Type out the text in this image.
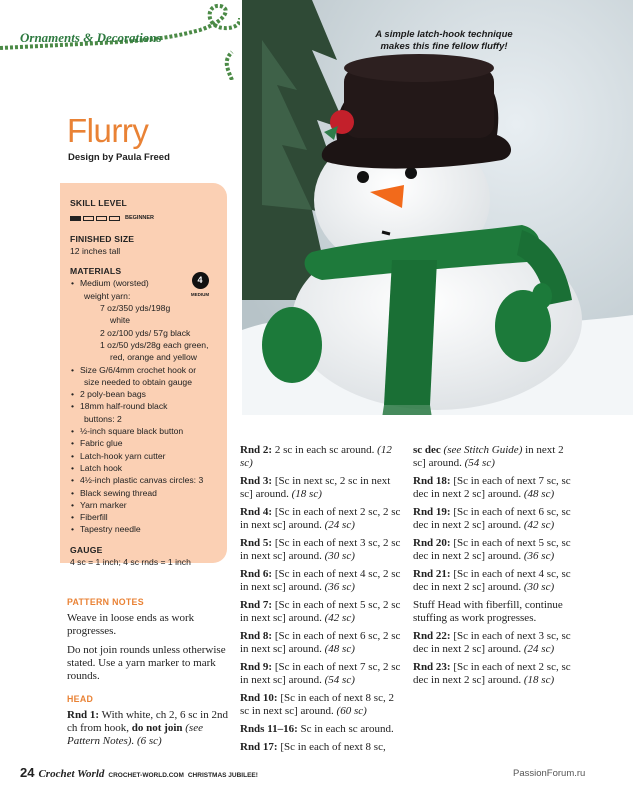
Ornaments & Decorations
Flurry
Design by Paula Freed
SKILL LEVEL
BEGINNER
FINISHED SIZE
12 inches tall
MATERIALS
• Medium (worsted)
weight yarn:
7 oz/350 yds/198g
white
2 oz/100 yds/ 57g black
1 oz/50 yds/28g each green,
red, orange and yellow
• Size G/6/4mm crochet hook or
size needed to obtain gauge
• 2 poly-bean bags
• 18mm half-round black
buttons: 2
• ½-inch square black button
• Fabric glue
• Latch-hook yarn cutter
• Latch hook
• 4½-inch plastic canvas circles: 3
• Black sewing thread
• Yarn marker
• Fiberfill
• Tapestry needle
GAUGE
4 sc = 1 inch; 4 sc rnds = 1 inch
4
MEDIUM
PATTERN NOTES

Weave in loose ends as work progresses.

Do not join rounds unless otherwise stated. Use a yarn marker to mark rounds.

HEAD

Rnd 1: With white, ch 2, 6 sc in 2nd ch from hook, do not join (see Pattern Notes). (6 sc)

A simple latch-hook technique makes this fine fellow fluffy!
Rnd 2: 2 sc in each sc around. (12 sc)
Rnd 3: [Sc in next sc, 2 sc in next sc] around. (18 sc)
Rnd 4: [Sc in each of next 2 sc, 2 sc in next sc] around. (24 sc)
Rnd 5: [Sc in each of next 3 sc, 2 sc in next sc] around. (30 sc)
Rnd 6: [Sc in each of next 4 sc, 2 sc in next sc] around. (36 sc)
Rnd 7: [Sc in each of next 5 sc, 2 sc in next sc] around. (42 sc)
Rnd 8: [Sc in each of next 6 sc, 2 sc in next sc] around. (48 sc)
Rnd 9: [Sc in each of next 7 sc, 2 sc in next sc] around. (54 sc)
Rnd 10: [Sc in each of next 8 sc, 2 sc in next sc] around. (60 sc)
Rnds 11–16: Sc in each sc around.
Rnd 17: [Sc in each of next 8 sc,
sc dec (see Stitch Guide) in next 2 sc] around. (54 sc)
Rnd 18: [Sc in each of next 7 sc, sc dec in next 2 sc] around. (48 sc)
Rnd 19: [Sc in each of next 6 sc, sc dec in next 2 sc] around. (42 sc)
Rnd 20: [Sc in each of next 5 sc, sc dec in next 2 sc] around. (36 sc)
Rnd 21: [Sc in each of next 4 sc, sc dec in next 2 sc] around. (30 sc)
Stuff Head with fiberfill, continue stuffing as work progresses.
Rnd 22: [Sc in each of next 3 sc, sc dec in next 2 sc] around. (24 sc)
Rnd 23: [Sc in each of next 2 sc, sc dec in next 2 sc] around. (18 sc)
24 Crochet World CROCHET-WORLD.COM CHRISTMAS JUBILEE!	PassionForum.ru
